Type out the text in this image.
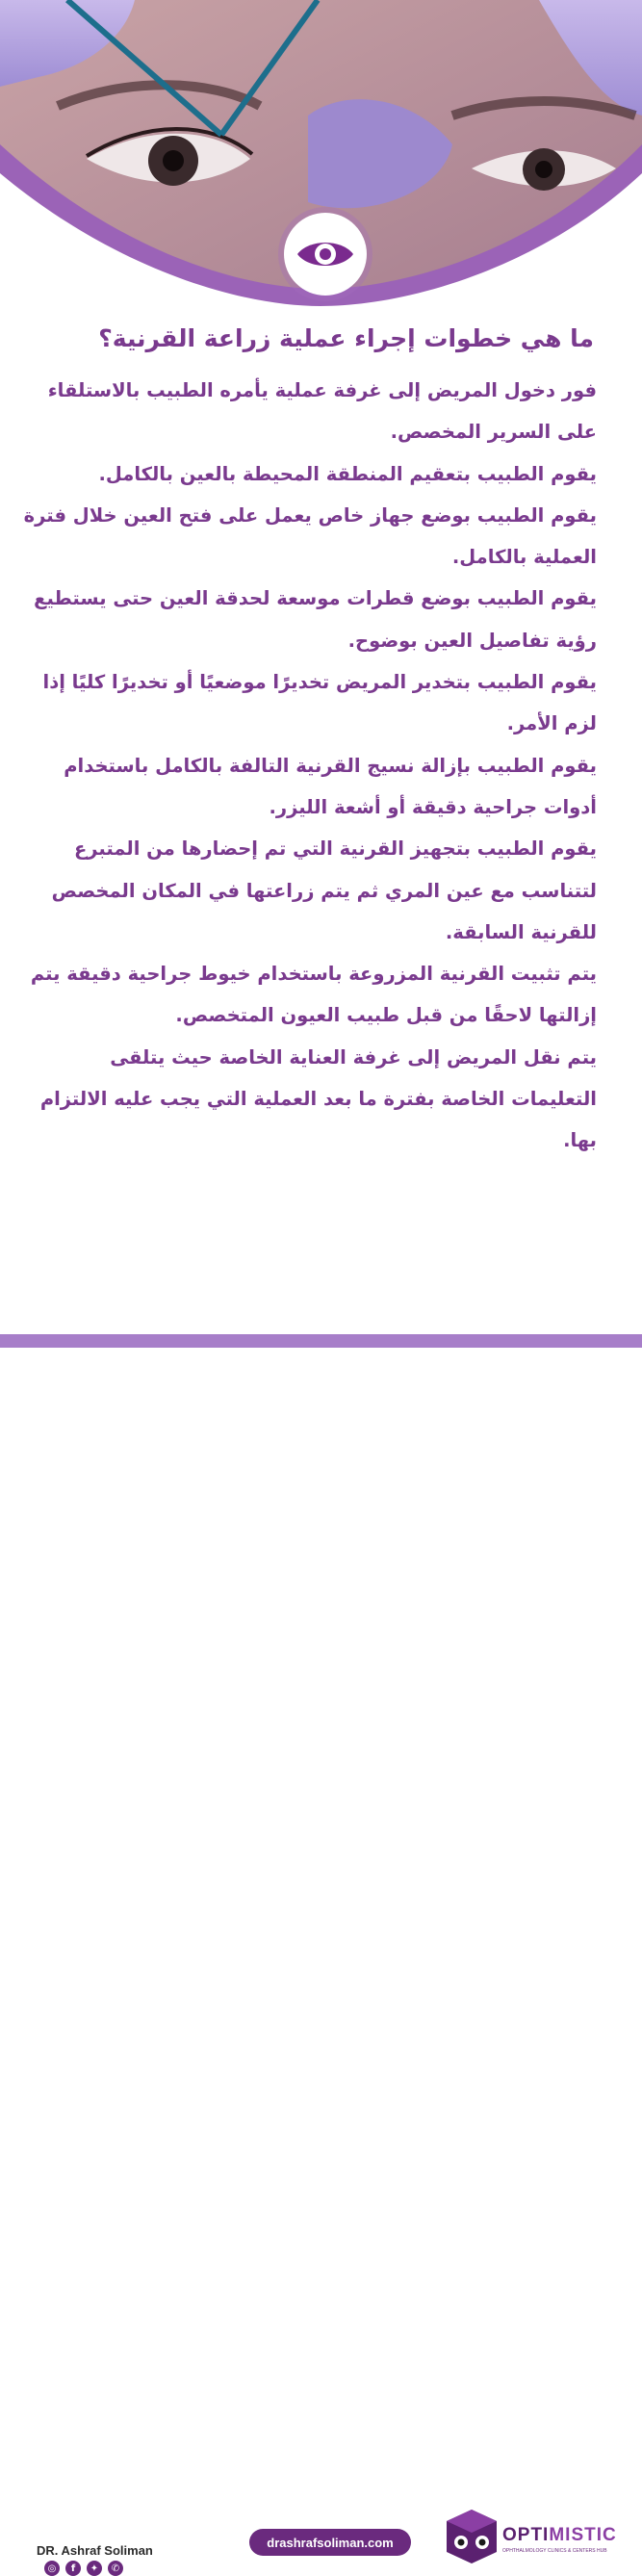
ما هي خطوات إجراء عملية زراعة القرنية؟

فور دخول المريض إلى غرفة عملية يأمره الطبيب بالاستلقاء على السرير المخصص.

يقوم الطبيب بتعقيم المنطقة المحيطة بالعين بالكامل.

يقوم الطبيب بوضع جهاز خاص يعمل على فتح العين خلال فترة العملية بالكامل.

يقوم الطبيب بوضع قطرات موسعة لحدقة العين حتى يستطيع رؤية تفاصيل العين بوضوح.

يقوم الطبيب بتخدير المريض تخديرًا موضعيًا أو تخديرًا كليًا إذا لزم الأمر.

يقوم الطبيب بإزالة نسيج القرنية التالفة بالكامل باستخدام أدوات جراحية دقيقة أو أشعة الليزر.

يقوم الطبيب بتجهيز القرنية التي تم إحضارها من المتبرع لتتناسب مع عين المري ثم يتم زراعتها في المكان المخصص للقرنية السابقة.

يتم تثبيت القرنية المزروعة باستخدام خيوط جراحية دقيقة يتم إزالتها لاحقًا من قبل طبيب العيون المتخصص.

يتم نقل المريض إلى غرفة العناية الخاصة حيث يتلقى التعليمات الخاصة بفترة ما بعد العملية التي يجب عليه الالتزام بها.

DR. Ashraf Soliman
◎	f	✦	✆
drashrafsoliman.com	OPTIMISTIC
OPHTHALMOLOGY CLINICS & CENTERS HUB
